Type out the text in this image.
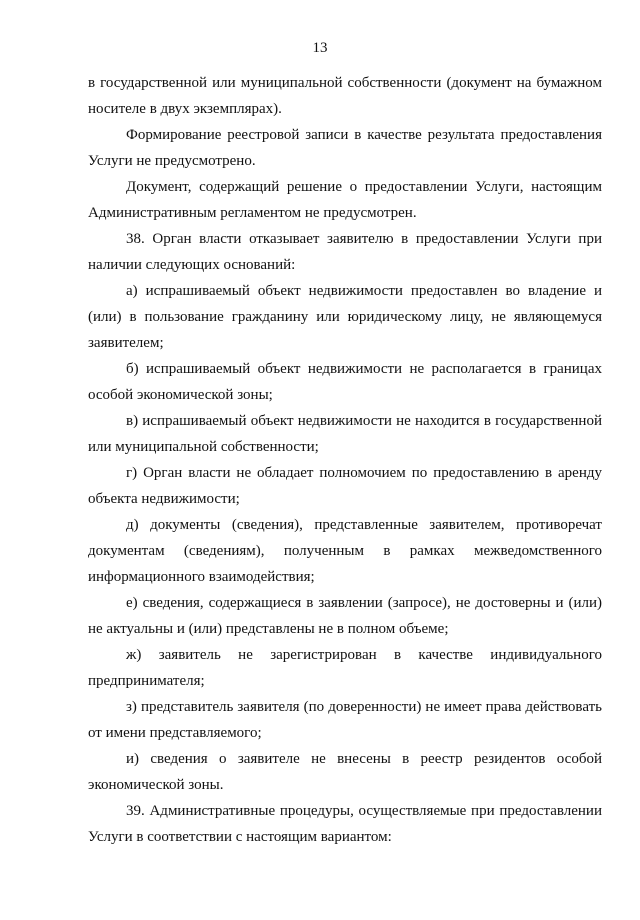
13

в государственной или муниципальной собственности (документ на бумажном носителе в двух экземплярах).

Формирование реестровой записи в качестве результата предоставления Услуги не предусмотрено.

Документ, содержащий решение о предоставлении Услуги, настоящим Административным регламентом не предусмотрен.

38. Орган власти отказывает заявителю в предоставлении Услуги при наличии следующих оснований:

а) испрашиваемый объект недвижимости предоставлен во владение и (или) в пользование гражданину или юридическому лицу, не являющемуся заявителем;

б) испрашиваемый объект недвижимости не располагается в границах особой экономической зоны;

в) испрашиваемый объект недвижимости не находится в государственной или муниципальной собственности;

г) Орган власти не обладает полномочием по предоставлению в аренду объекта недвижимости;

д) документы (сведения), представленные заявителем, противоречат документам (сведениям), полученным в рамках межведомственного информационного взаимодействия;

е) сведения, содержащиеся в заявлении (запросе), не достоверны и (или) не актуальны и (или) представлены не в полном объеме;

ж) заявитель не зарегистрирован в качестве индивидуального предпринимателя;

з) представитель заявителя (по доверенности) не имеет права действовать от имени представляемого;

и) сведения о заявителе не внесены в реестр резидентов особой экономической зоны.

39. Административные процедуры, осуществляемые при предоставлении Услуги в соответствии с настоящим вариантом:
